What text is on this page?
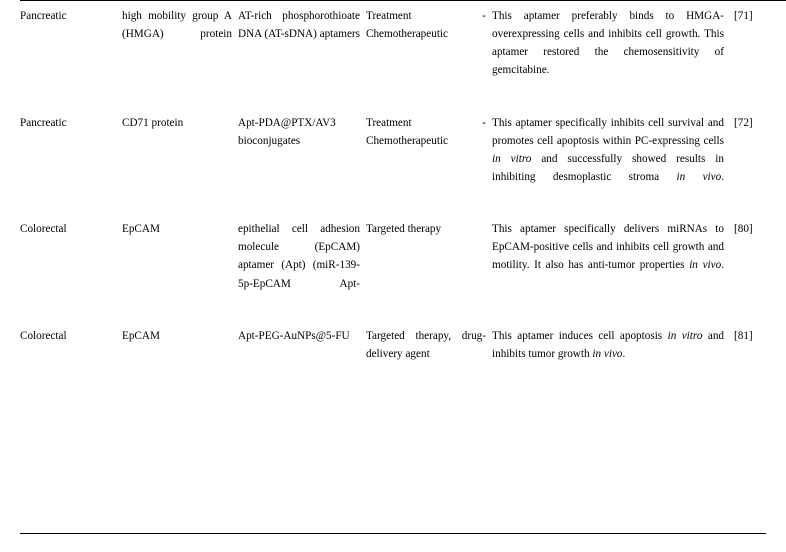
Pancreatic	high mobility group A (HMGA) protein	AT-rich phosphorothioate DNA (AT-sDNA) aptamers	Treatment - Chemotherapeutic	This aptamer preferably binds to HMGA-overexpressing cells and inhibits cell growth. This aptamer restored the chemosensitivity of gemcitabine.	[71]

Pancreatic	CD71 protein	Apt-PDA@PTX/AV3 bioconjugates	Treatment - Chemotherapeutic	This aptamer specifically inhibits cell survival and promotes cell apoptosis within PC-expressing cells in vitro and successfully showed results in inhibiting desmoplastic stroma in vivo.	[72]

Colorectal	EpCAM	epithelial cell adhesion molecule (EpCAM) aptamer (Apt) (miR-139-5p-EpCAM Apt-	Targeted therapy	This aptamer specifically delivers miRNAs to EpCAM-positive cells and inhibits cell growth and motility. It also has anti-tumor properties in vivo.	[80]

Colorectal	EpCAM	Apt-PEG-AuNPs@5-FU	Targeted therapy, drug-delivery agent	This aptamer induces cell apoptosis in vitro and inhibits tumor growth in vivo.	[81]
